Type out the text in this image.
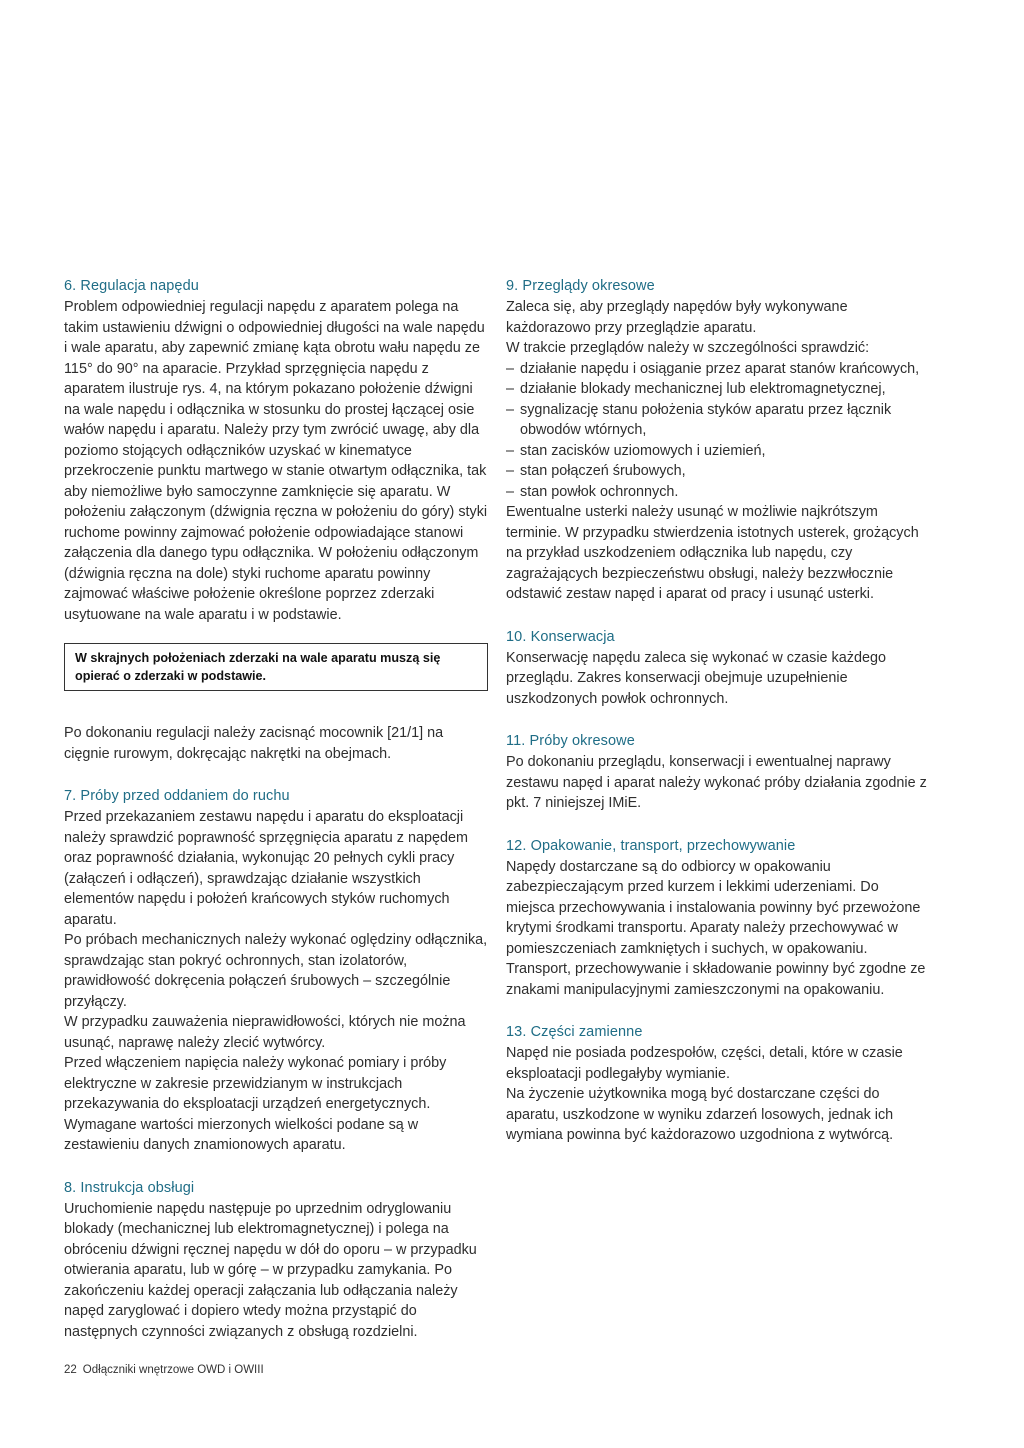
6. Regulacja napędu

Problem odpowiedniej regulacji napędu z aparatem polega na takim ustawieniu dźwigni o odpowiedniej długości na wale napędu i wale aparatu, aby zapewnić zmianę kąta obrotu wału napędu ze 115° do 90° na aparacie. Przykład sprzęgnięcia napędu z aparatem ilustruje rys. 4, na którym pokazano położenie dźwigni na wale napędu i odłącznika w stosunku do prostej łączącej osie wałów napędu i aparatu. Należy przy tym zwrócić uwagę, aby dla poziomo stojących odłączników uzyskać w kinematyce przekroczenie punktu martwego w stanie otwartym odłącznika, tak aby niemożliwe było samoczynne zamknięcie się aparatu. W położeniu załączonym (dźwignia ręczna w położeniu do góry) styki ruchome powinny zajmować położenie odpowiadające stanowi załączenia dla danego typu odłącznika. W położeniu odłączonym (dźwignia ręczna na dole) styki ruchome aparatu powinny zajmować właściwe położenie określone poprzez zderzaki usytuowane na wale aparatu i w podstawie.

W skrajnych położeniach zderzaki na wale aparatu muszą się opierać o zderzaki w podstawie.

Po dokonaniu regulacji należy zacisnąć mocownik [21/1] na cięgnie rurowym, dokręcając nakrętki na obejmach.

7. Próby przed oddaniem do ruchu

Przed przekazaniem zestawu napędu i aparatu do eksploatacji należy sprawdzić poprawność sprzęgnięcia aparatu z napędem oraz poprawność działania, wykonując 20 pełnych cykli pracy (załączeń i odłączeń), sprawdzając działanie wszystkich elementów napędu i położeń krańcowych styków ruchomych aparatu.

Po próbach mechanicznych należy wykonać oględziny odłącznika, sprawdzając stan pokryć ochronnych, stan izolatorów, prawidłowość dokręcenia połączeń śrubowych – szczególnie przyłączy.

W przypadku zauważenia nieprawidłowości, których nie można usunąć, naprawę należy zlecić wytwórcy.

Przed włączeniem napięcia należy wykonać pomiary i próby elektryczne w zakresie przewidzianym w instrukcjach przekazywania do eksploatacji urządzeń energetycznych. Wymagane wartości mierzonych wielkości podane są w zestawieniu danych znamionowych aparatu.

8. Instrukcja obsługi

Uruchomienie napędu następuje po uprzednim odryglowaniu blokady (mechanicznej lub elektromagnetycznej) i polega na obróceniu dźwigni ręcznej napędu w dół do oporu – w przypadku otwierania aparatu, lub w górę – w przypadku zamykania. Po zakończeniu każdej operacji załączania lub odłączania należy napęd zaryglować i dopiero wtedy można przystąpić do następnych czynności związanych z obsługą rozdzielni.

9. Przeglądy okresowe

Zaleca się, aby przeglądy napędów były wykonywane każdorazowo przy przeglądzie aparatu.

W trakcie przeglądów należy w szczególności sprawdzić:

– działanie napędu i osiąganie przez aparat stanów krańcowych,
– działanie blokady mechanicznej lub elektromagnetycznej,
– sygnalizację stanu położenia styków aparatu przez łącznik obwodów wtórnych,
– stan zacisków uziomowych i uziemień,
– stan połączeń śrubowych,
– stan powłok ochronnych.

Ewentualne usterki należy usunąć w możliwie najkrótszym terminie. W przypadku stwierdzenia istotnych usterek, grożących na przykład uszkodzeniem odłącznika lub napędu, czy zagrażających bezpieczeństwu obsługi, należy bezzwłocznie odstawić zestaw napęd i aparat od pracy i usunąć usterki.

10. Konserwacja

Konserwację napędu zaleca się wykonać w czasie każdego przeglądu. Zakres konserwacji obejmuje uzupełnienie uszkodzonych powłok ochronnych.

11. Próby okresowe

Po dokonaniu przeglądu, konserwacji i ewentualnej naprawy zestawu napęd i aparat należy wykonać próby działania zgodnie z pkt. 7 niniejszej IMiE.

12. Opakowanie, transport, przechowywanie

Napędy dostarczane są do odbiorcy w opakowaniu zabezpieczającym przed kurzem i lekkimi uderzeniami. Do miejsca przechowywania i instalowania powinny być przewożone krytymi środkami transportu. Aparaty należy przechowywać w pomieszczeniach zamkniętych i suchych, w opakowaniu.

Transport, przechowywanie i składowanie powinny być zgodne ze znakami manipulacyjnymi zamieszczonymi na opakowaniu.

13. Części zamienne

Napęd nie posiada podzespołów, części, detali, które w czasie eksploatacji podlegałyby wymianie.

Na życzenie użytkownika mogą być dostarczane części do aparatu, uszkodzone w wyniku zdarzeń losowych, jednak ich wymiana powinna być każdorazowo uzgodniona z wytwórcą.

22 Odłączniki wnętrzowe OWD i OWIII
